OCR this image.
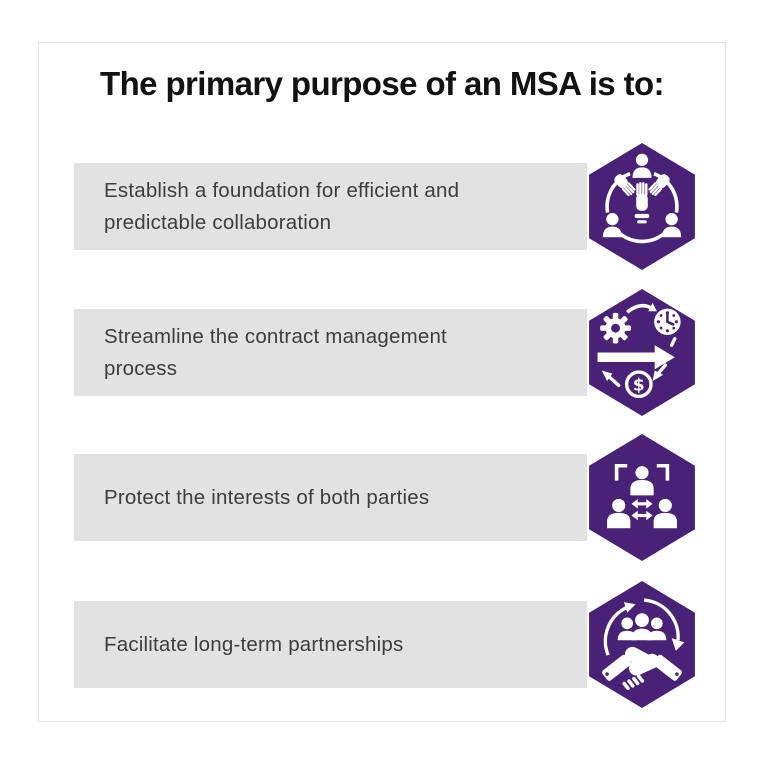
The primary purpose of an MSA is to:

Establish a foundation for efficient and
predictable collaboration

Streamline the contract management
process

$

Protect the interests of both parties

Facilitate long-term partnerships
